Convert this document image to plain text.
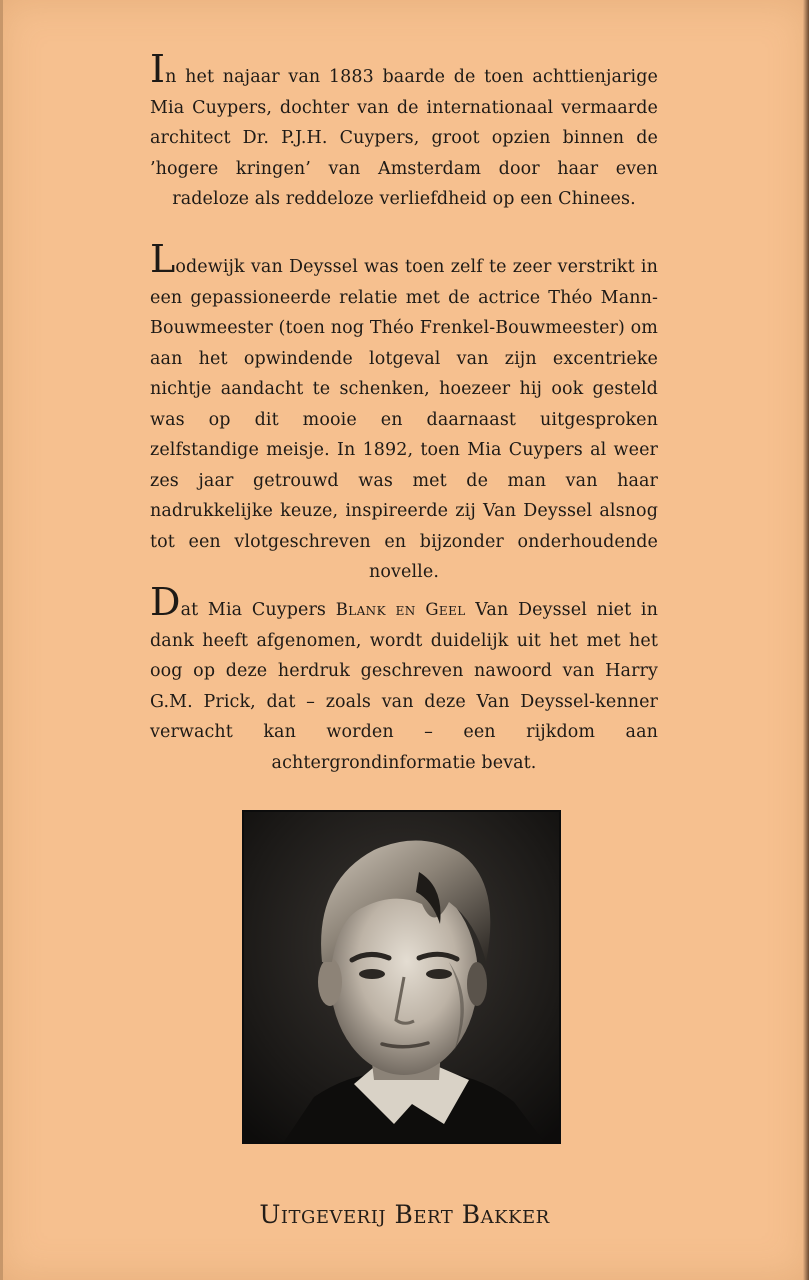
In het najaar van 1883 baarde de toen achttienjarige Mia Cuypers, dochter van de internationaal vermaarde architect Dr. P.J.H. Cuypers, groot opzien binnen de ’hogere kringen’ van Amsterdam door haar even radeloze als reddeloze verliefdheid op een Chinees.

Lodewijk van Deyssel was toen zelf te zeer verstrikt in een gepassioneerde relatie met de actrice Théo Mann-Bouwmeester (toen nog Théo Frenkel-Bouwmeester) om aan het opwindende lotgeval van zijn excentrieke nichtje aandacht te schenken, hoezeer hij ook gesteld was op dit mooie en daarnaast uitgesproken zelfstandige meisje. In 1892, toen Mia Cuypers al weer zes jaar getrouwd was met de man van haar nadrukkelijke keuze, inspireerde zij Van Deyssel alsnog tot een vlotgeschreven en bijzonder onderhoudende novelle.

Dat Mia Cuypers Blank en Geel Van Deyssel niet in dank heeft afgenomen, wordt duidelijk uit het met het oog op deze herdruk geschreven nawoord van Harry G.M. Prick, dat – zoals van deze Van Deyssel-kenner verwacht kan worden – een rijkdom aan achtergrondinformatie bevat.

Uitgeverij Bert Bakker
